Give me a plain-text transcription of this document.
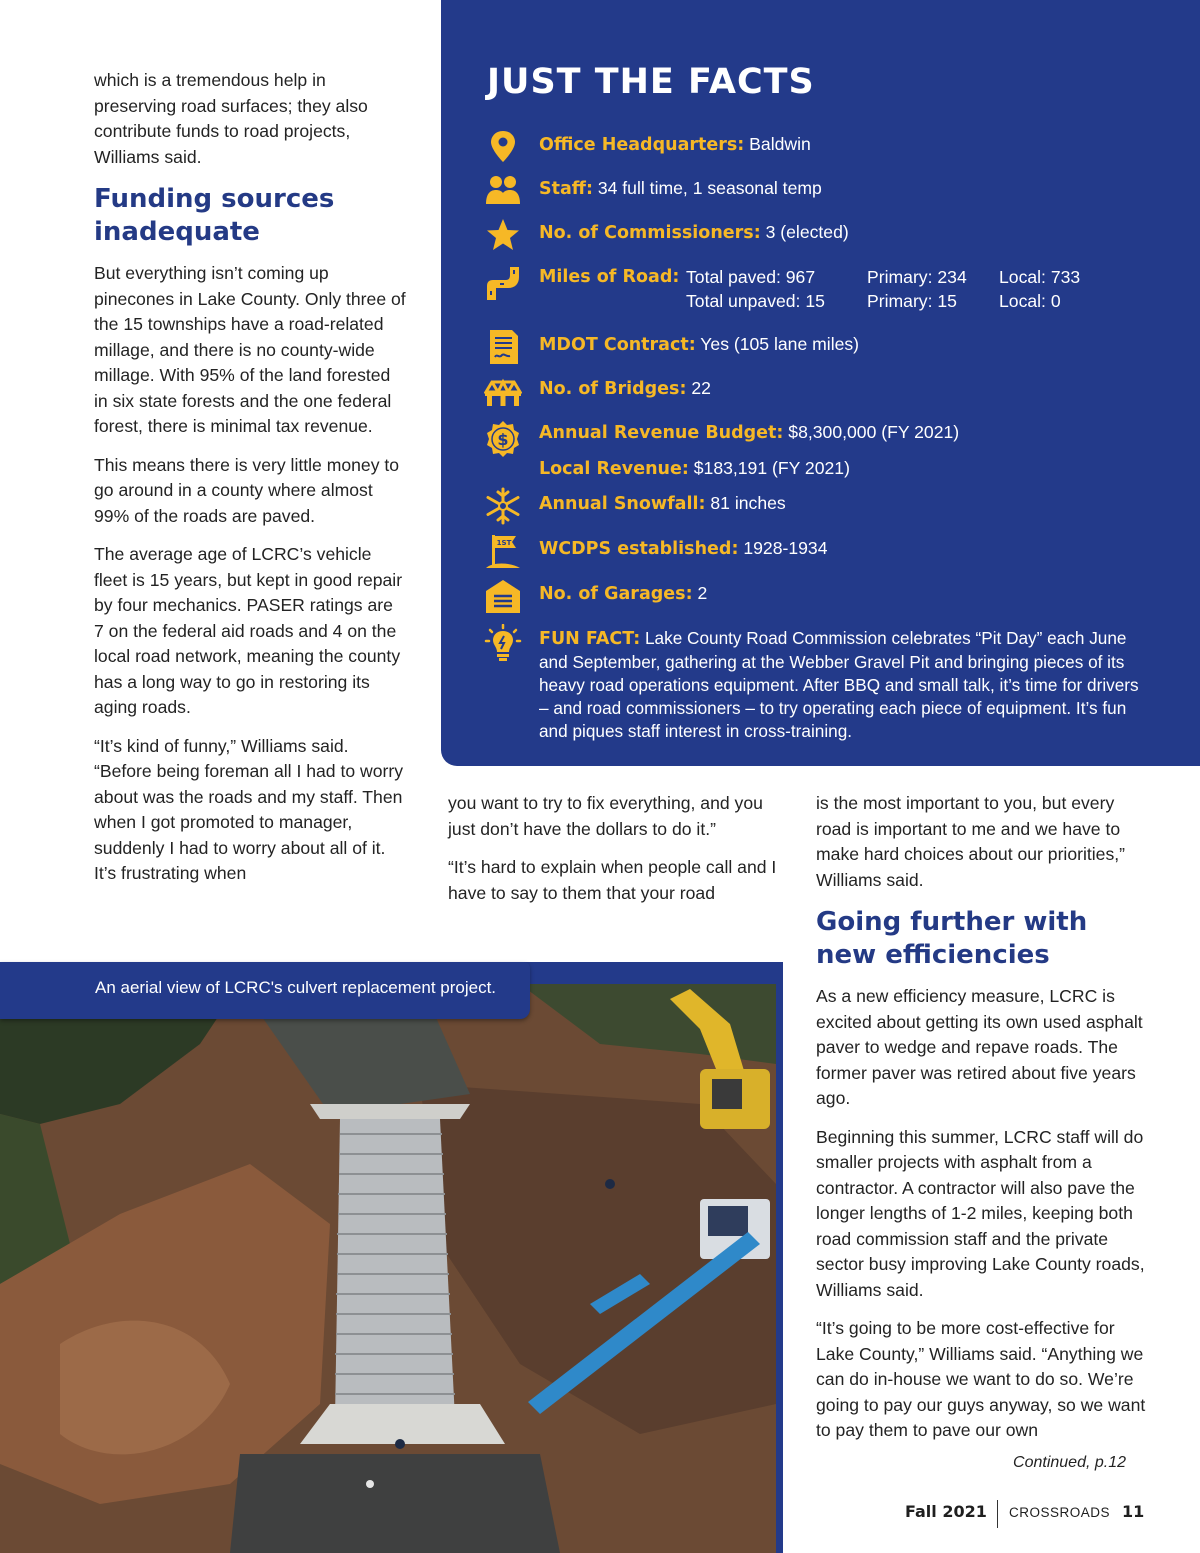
which is a tremendous help in preserving road surfaces; they also contribute funds to road projects, Williams said.

Funding sources inadequate

But everything isn’t coming up pinecones in Lake County. Only three of the 15 townships have a road-related millage, and there is no county-wide millage. With 95% of the land forested in six state forests and the one federal forest, there is minimal tax revenue.

This means there is very little money to go around in a county where almost 99% of the roads are paved.

The average age of LCRC’s vehicle fleet is 15 years, but kept in good repair by four mechanics. PASER ratings are 7 on the federal aid roads and 4 on the local road network, meaning the county has a long way to go in restoring its aging roads.

“It’s kind of funny,” Williams said. “Before being foreman all I had to worry about was the roads and my staff. Then when I got promoted to manager, suddenly I had to worry about all of it. It’s frustrating when

you want to try to fix everything, and you just don’t have the dollars to do it.”

“It’s hard to explain when people call and I have to say to them that your road

is the most important to you, but every road is important to me and we have to make hard choices about our priorities,” Williams said.

Going further with new efficiencies

As a new efficiency measure, LCRC is excited about getting its own used asphalt paver to wedge and repave roads. The former paver was retired about five years ago.

Beginning this summer, LCRC staff will do smaller projects with asphalt from a contractor. A contractor will also pave the longer lengths of 1-2 miles, keeping both road commission staff and the private sector busy improving Lake County roads, Williams said.

“It’s going to be more cost-effective for Lake County,” Williams said. “Anything we can do in-house we want to do so. We’re going to pay our guys anyway, so we want to pay them to pave our own

Continued, p.12
JUST THE FACTS
Office Headquarters: Baldwin
Staff: 34 full time, 1 seasonal temp
No. of Commissioners: 3 (elected)
Miles of Road: Total paved: 967
Total unpaved: 15
Primary: 234
Primary: 15
Local: 733
Local: 0
MDOT Contract: Yes (105 lane miles)
No. of Bridges: 22
$ Annual Revenue Budget: $8,300,000 (FY 2021)
Local Revenue: $183,191 (FY 2021)
Annual Snowfall: 81 inches
1ST WCDPS established: 1928-1934
No. of Garages: 2
FUN FACT: Lake County Road Commission celebrates “Pit Day” each June and September, gathering at the Webber Gravel Pit and bringing pieces of its heavy road operations equipment. After BBQ and small talk, it’s time for drivers – and road commissioners – to try operating each piece of equipment. It’s fun and piques staff interest in cross-training.
An aerial view of LCRC's culvert replacement project.
Fall 2021 CROSSROADS 11
